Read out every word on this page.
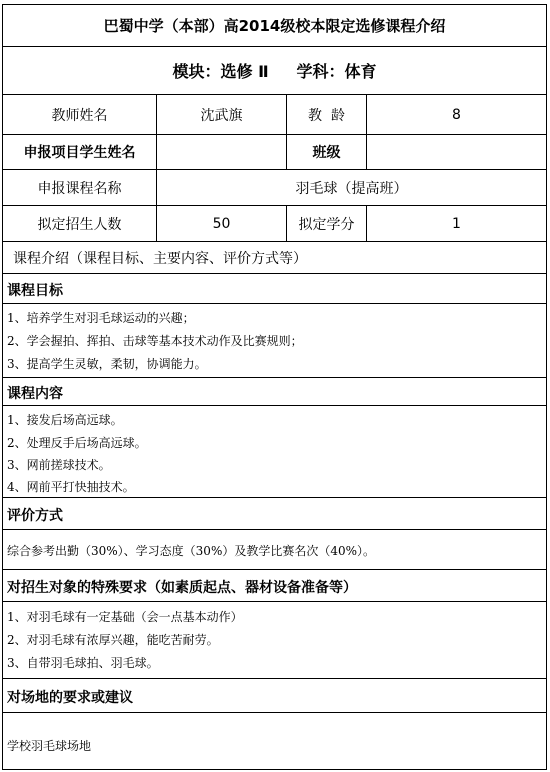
巴蜀中学（本部）高2014级校本限定选修课程介绍
模块：选修 Ⅱ     学科：体育
教师姓名	沈武旗	教  龄	8
申报项目学生姓名	班级
申报课程名称	羽毛球（提高班）
拟定招生人数	50	拟定学分	1
课程介绍（课程目标、主要内容、评价方式等）
课程目标
1、培养学生对羽毛球运动的兴趣；
2、学会握拍、挥拍、击球等基本技术动作及比赛规则；
3、提高学生灵敏，柔韧，协调能力。
课程内容
1、接发后场高远球。
2、处理反手后场高远球。
3、网前搓球技术。
4、网前平打快抽技术。
评价方式
综合参考出勤（30%）、学习态度（30%）及教学比赛名次（40%）。
对招生对象的特殊要求（如素质起点、器材设备准备等）
1、对羽毛球有一定基础（会一点基本动作）
2、对羽毛球有浓厚兴趣，能吃苦耐劳。
3、自带羽毛球拍、羽毛球。
对场地的要求或建议
学校羽毛球场地
